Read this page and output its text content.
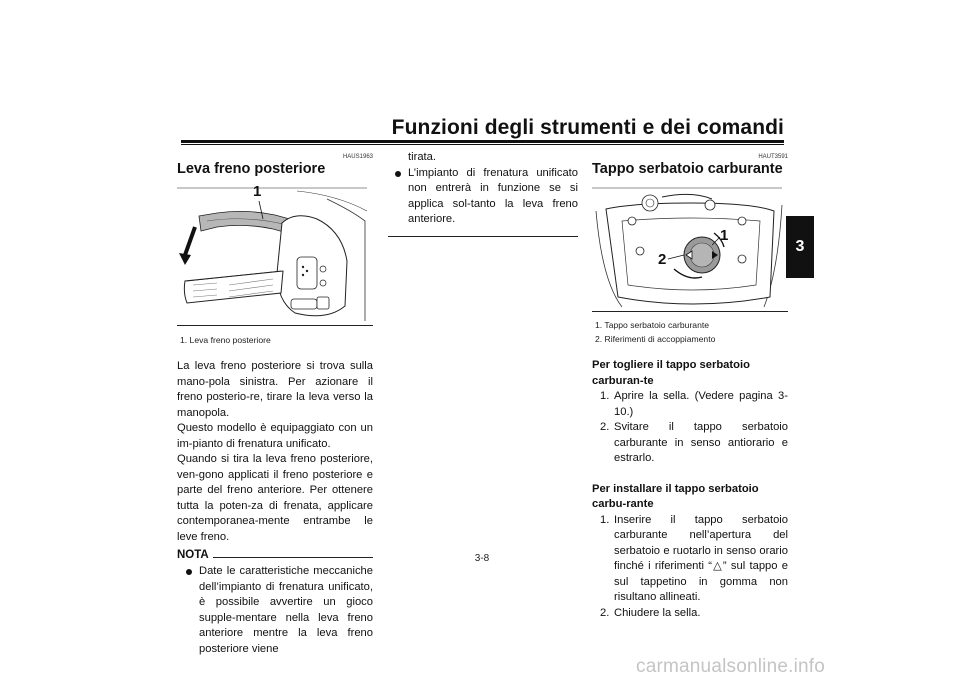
Funzioni degli strumenti e dei comandi
3
HAUS1963
Leva freno posteriore
1
1. Leva freno posteriore
La leva freno posteriore si trova sulla mano-pola sinistra. Per azionare il freno posterio-re, tirare la leva verso la manopola.
Questo modello è equipaggiato con un im-pianto di frenatura unificato.
Quando si tira la leva freno posteriore, ven-gono applicati il freno posteriore e parte del freno anteriore. Per ottenere tutta la poten-za di frenata, applicare contemporanea-mente entrambe le leve freno.
NOTA
Date le caratteristiche meccaniche dell’impianto di frenatura unificato, è possibile avvertire un gioco supple-mentare nella leva freno anteriore mentre la leva freno posteriore viene
tirata.
L’impianto di frenatura unificato non entrerà in funzione se si applica sol-tanto la leva freno anteriore.
HAUT3591
Tappo serbatoio carburante
1
2
1. Tappo serbatoio carburante
2. Riferimenti di accoppiamento
Per togliere il tappo serbatoio carburan-te
1. Aprire la sella. (Vedere pagina 3-10.)
2. Svitare il tappo serbatoio carburante in senso antiorario e estrarlo.
Per installare il tappo serbatoio carbu-rante
1. Inserire il tappo serbatoio carburante nell’apertura del serbatoio e ruotarlo in senso orario finché i riferimenti “△” sul tappo e sul tappetino in gomma non risultano allineati.
2. Chiudere la sella.
3-8
carmanualsonline.info
